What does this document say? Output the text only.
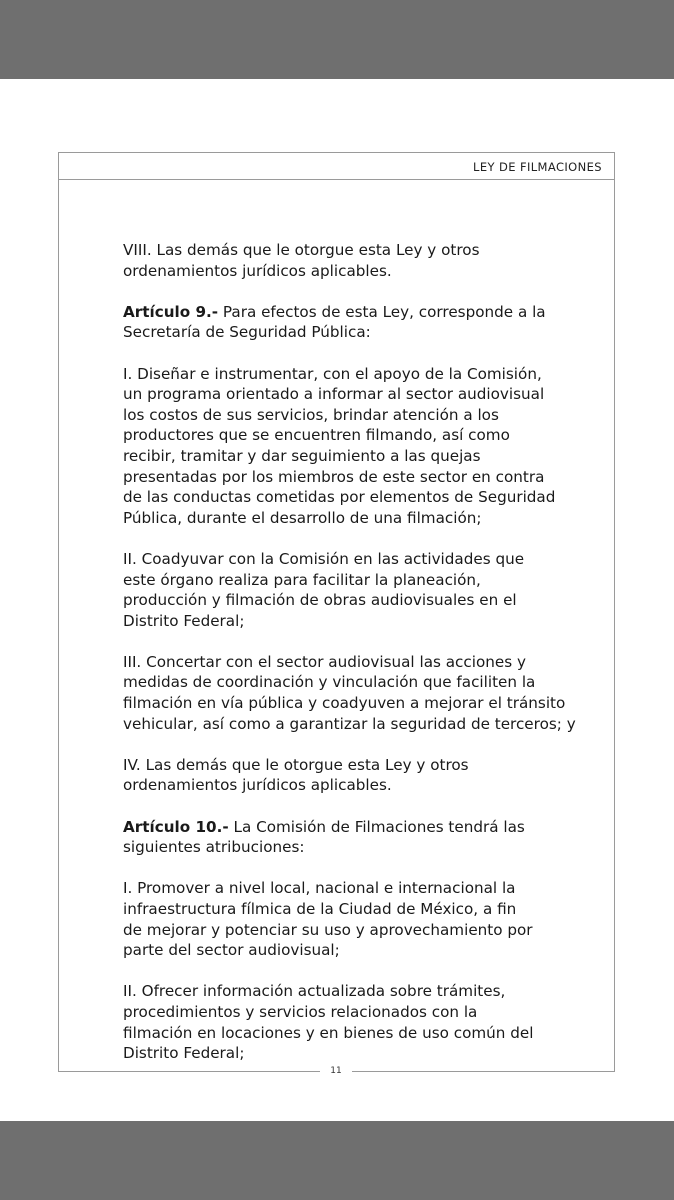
LEY DE FILMACIONES

VIII. Las demás que le otorgue esta Ley y otros
ordenamientos jurídicos aplicables.

Artículo 9.- Para efectos de esta Ley, corresponde a la
Secretaría de Seguridad Pública:

I. Diseñar e instrumentar, con el apoyo de la Comisión,
un programa orientado a informar al sector audiovisual
los costos de sus servicios, brindar atención a los
productores que se encuentren filmando, así como
recibir, tramitar y dar seguimiento a las quejas
presentadas por los miembros de este sector en contra
de las conductas cometidas por elementos de Seguridad
Pública, durante el desarrollo de una filmación;

II. Coadyuvar con la Comisión en las actividades que
este órgano realiza para facilitar la planeación,
producción y filmación de obras audiovisuales en el
Distrito Federal;

III. Concertar con el sector audiovisual las acciones y
medidas de coordinación y vinculación que faciliten la
filmación en vía pública y coadyuven a mejorar el tránsito
vehicular, así como a garantizar la seguridad de terceros; y

IV. Las demás que le otorgue esta Ley y otros
ordenamientos jurídicos aplicables.

Artículo 10.- La Comisión de Filmaciones tendrá las
siguientes atribuciones:

I. Promover a nivel local, nacional e internacional la
infraestructura fílmica de la Ciudad de México, a fin
de mejorar y potenciar su uso y aprovechamiento por
parte del sector audiovisual;

II. Ofrecer información actualizada sobre trámites,
procedimientos y servicios relacionados con la
filmación en locaciones y en bienes de uso común del
Distrito Federal;

11
